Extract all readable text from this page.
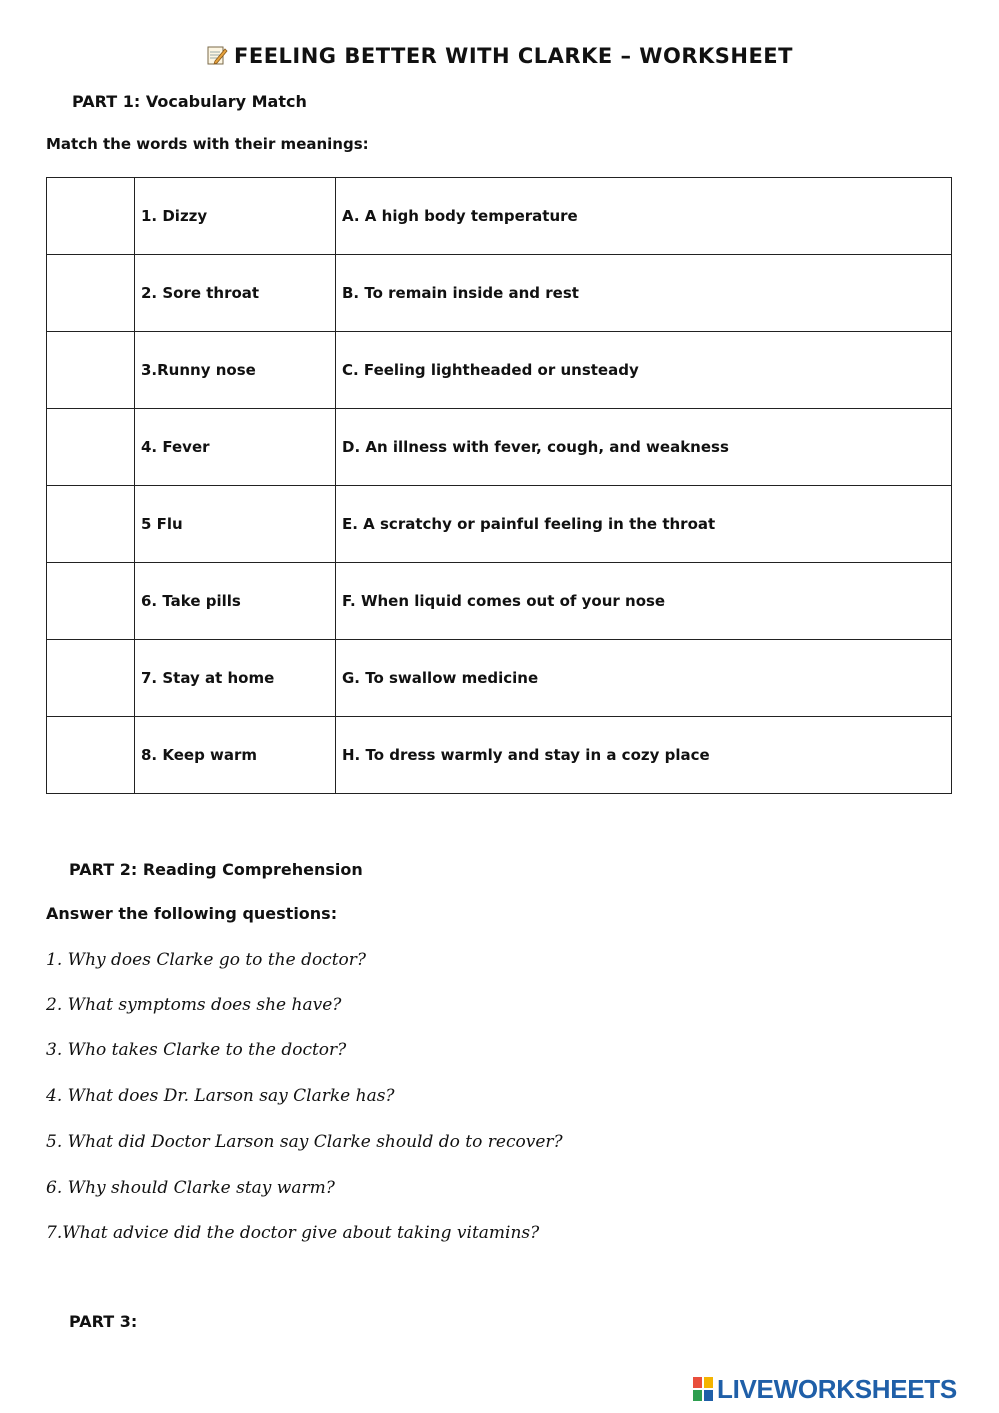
FEELING BETTER WITH CLARKE – WORKSHEET
PART 1: Vocabulary Match
Match the words with their meanings:
	1. Dizzy	A. A high body temperature
	2. Sore throat	B. To remain inside and rest
	3.Runny nose	C. Feeling lightheaded or unsteady
	4. Fever	D. An illness with fever, cough, and weakness
	5 Flu	E. A scratchy or painful feeling in the throat
	6. Take pills	F. When liquid comes out of your nose
	7. Stay at home	G. To swallow medicine
	8. Keep warm	H. To dress warmly and stay in a cozy place
PART 2: Reading Comprehension
Answer the following questions:
1. Why does Clarke go to the doctor?
2. What symptoms does she have?
3. Who takes Clarke to the doctor?
4. What does Dr. Larson say Clarke has?
5. What did Doctor Larson say Clarke should do to recover?
6. Why should Clarke stay warm?
7.What advice did the doctor give about taking vitamins?
PART 3:
LIVEWORKSHEETS
